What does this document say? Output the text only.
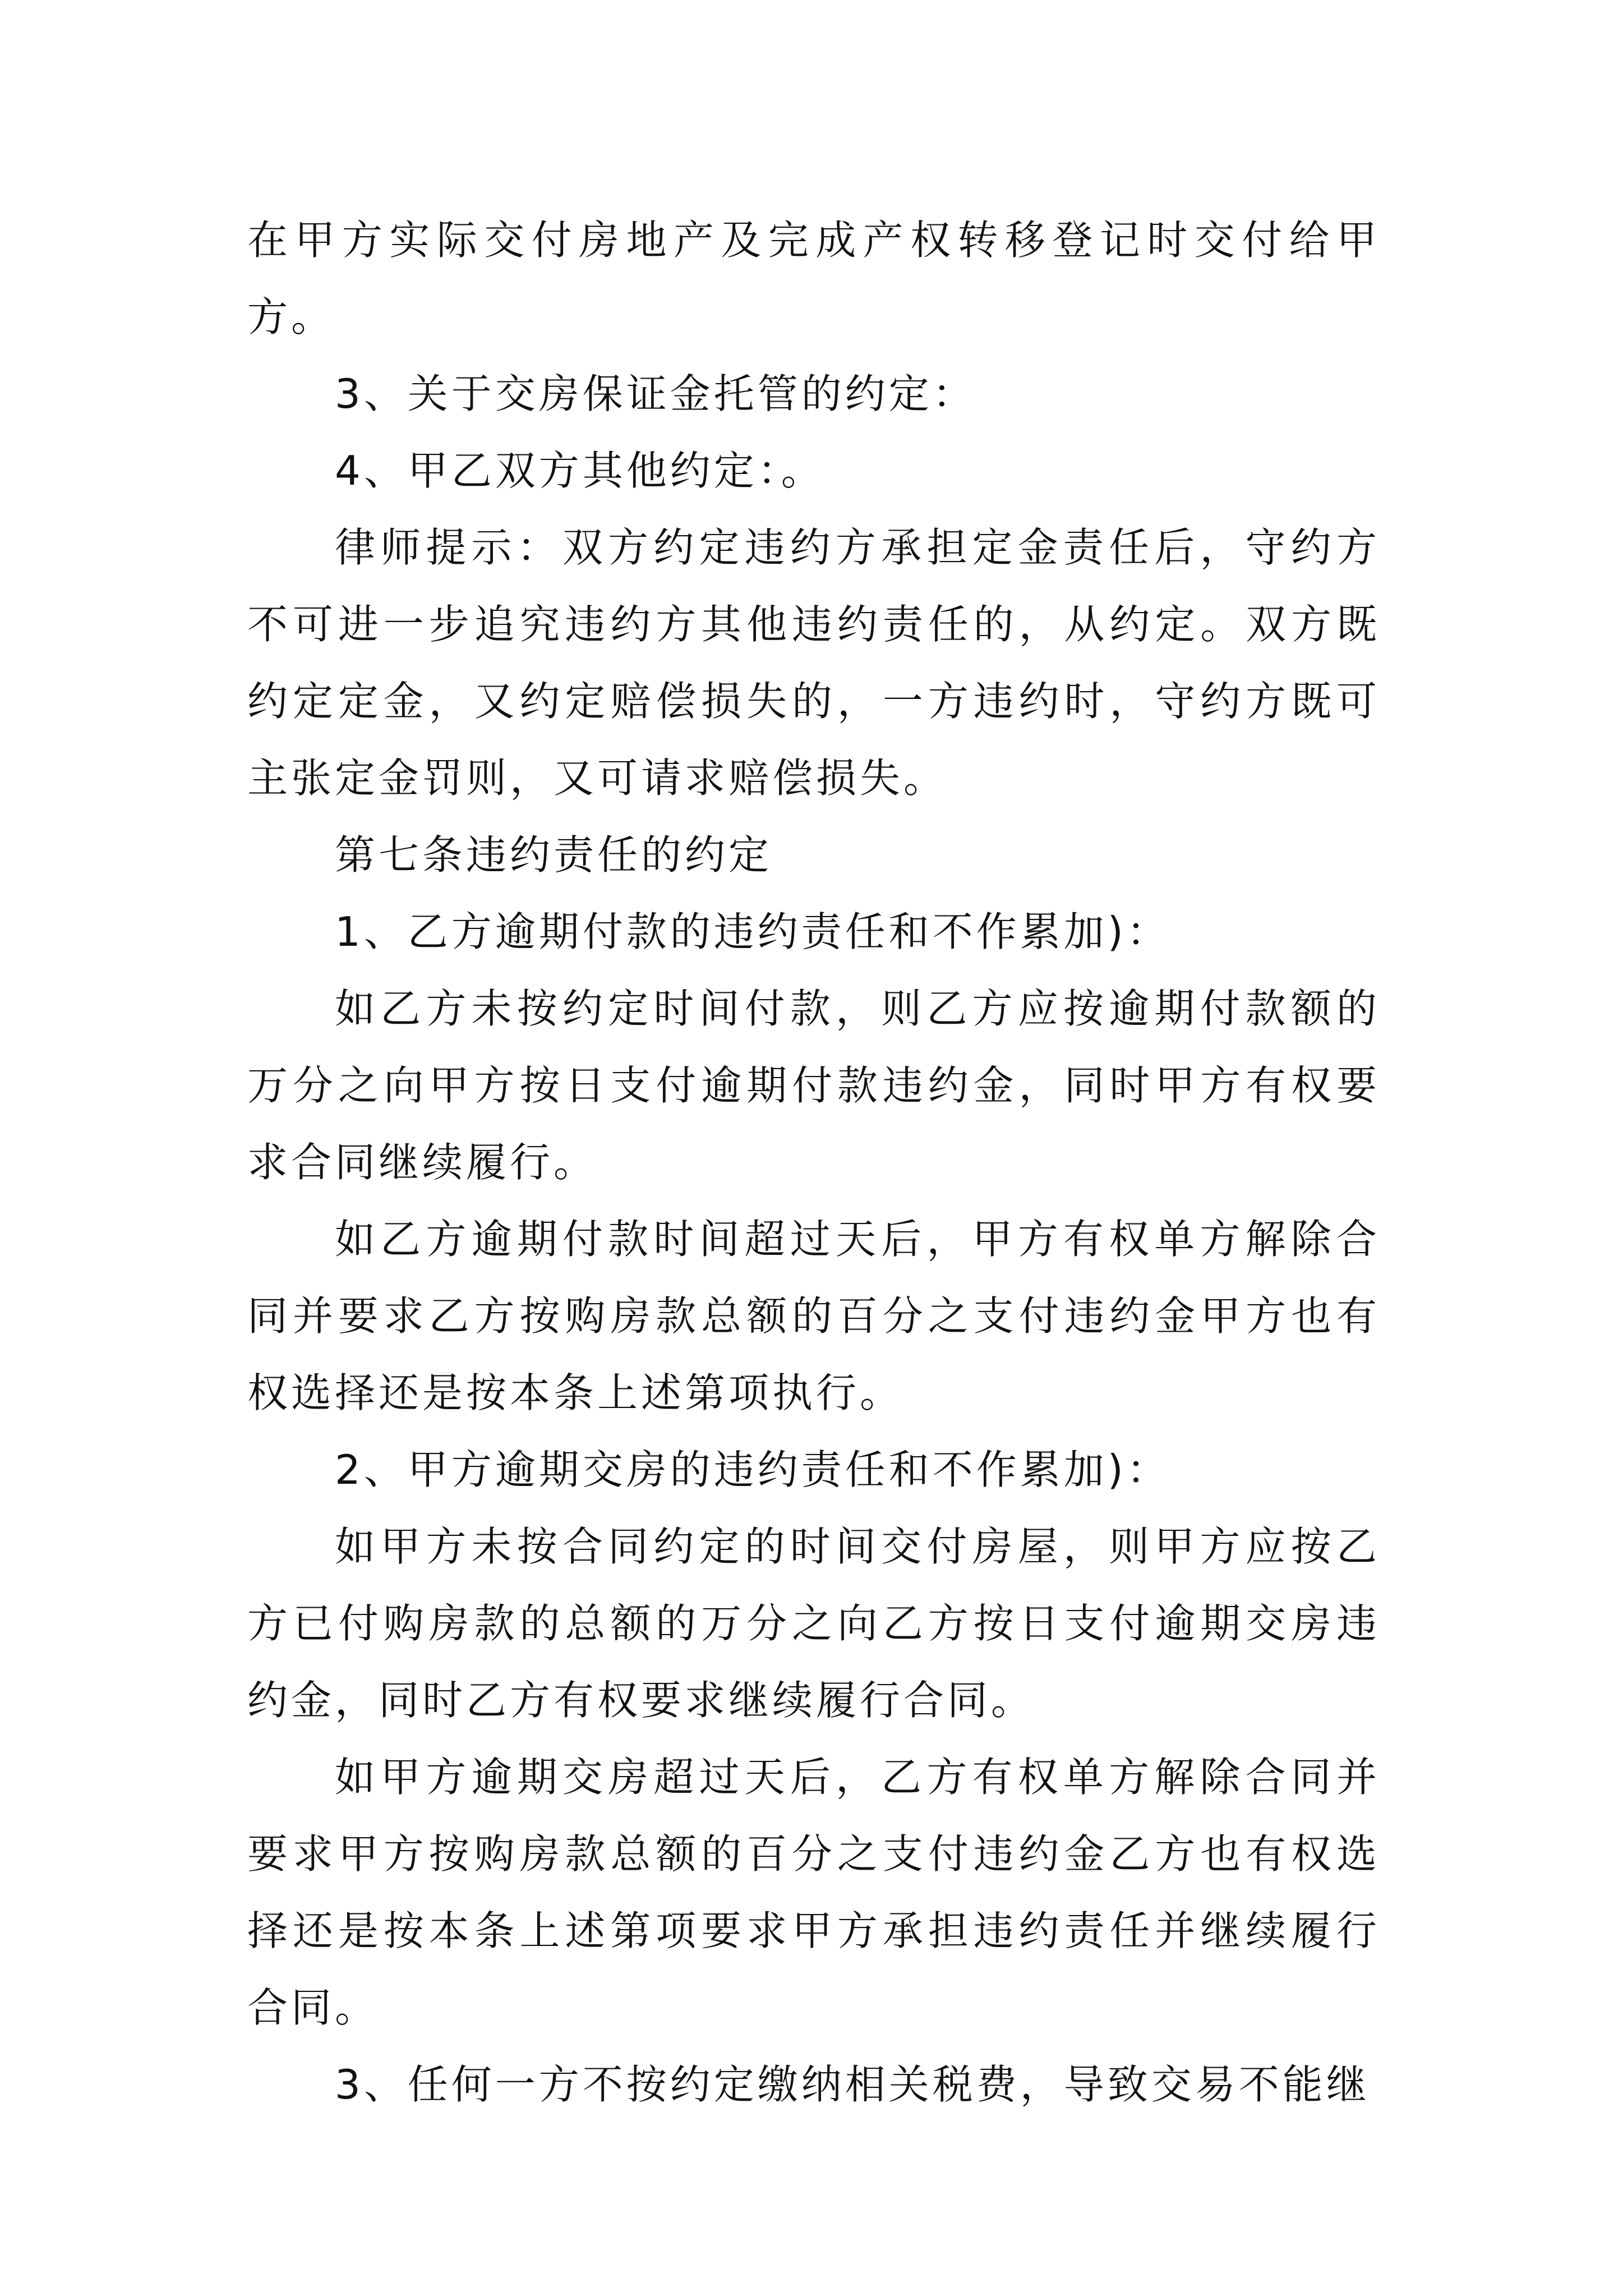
在甲方实际交付房地产及完成产权转移登记时交付给甲方。

3、关于交房保证金托管的约定：

4、甲乙双方其他约定：。

律师提示：双方约定违约方承担定金责任后，守约方不可进一步追究违约方其他违约责任的，从约定。双方既约定定金，又约定赔偿损失的，一方违约时，守约方既可主张定金罚则，又可请求赔偿损失。

第七条违约责任的约定

1、乙方逾期付款的违约责任和不作累加)：

如乙方未按约定时间付款，则乙方应按逾期付款额的万分之向甲方按日支付逾期付款违约金，同时甲方有权要求合同继续履行。

如乙方逾期付款时间超过天后，甲方有权单方解除合同并要求乙方按购房款总额的百分之支付违约金甲方也有权选择还是按本条上述第项执行。

2、甲方逾期交房的违约责任和不作累加)：

如甲方未按合同约定的时间交付房屋，则甲方应按乙方已付购房款的总额的万分之向乙方按日支付逾期交房违约金，同时乙方有权要求继续履行合同。

如甲方逾期交房超过天后，乙方有权单方解除合同并要求甲方按购房款总额的百分之支付违约金乙方也有权选择还是按本条上述第项要求甲方承担违约责任并继续履行合同。

3、任何一方不按约定缴纳相关税费，导致交易不能继
